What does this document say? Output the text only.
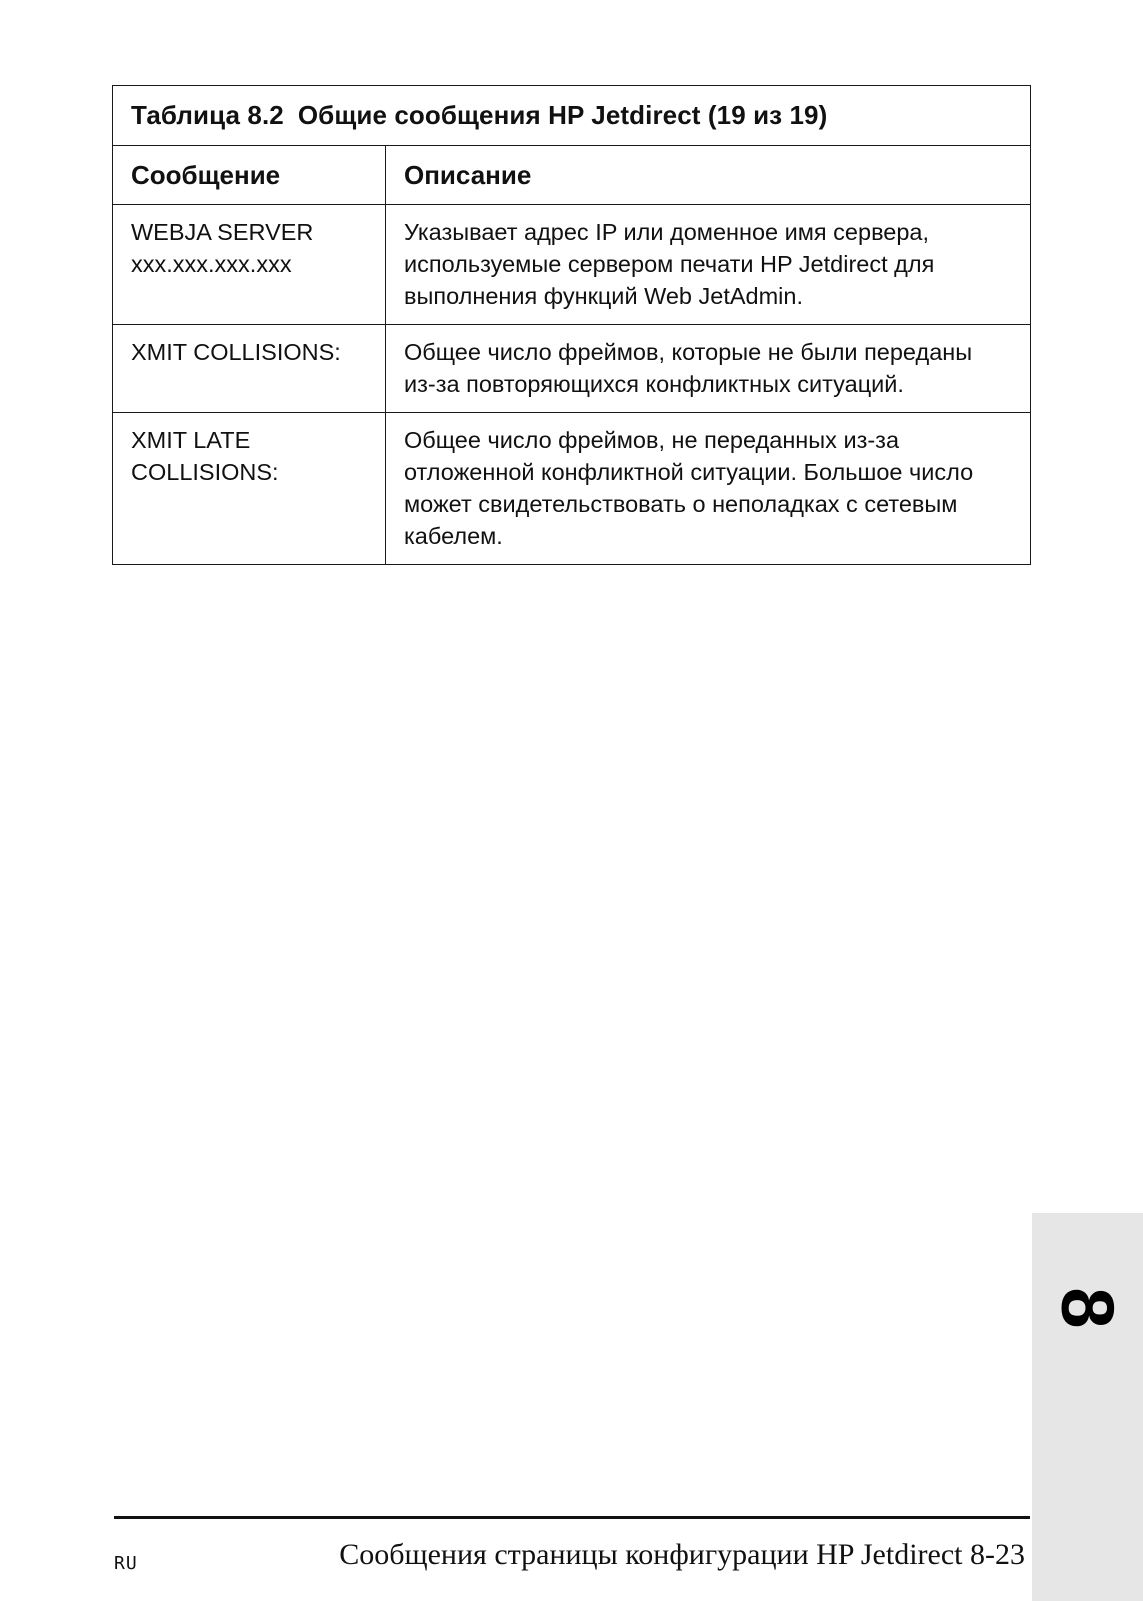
Таблица 8.2 Общие сообщения HP Jetdirect (19 из 19)	
Сообщение	Описание

WEBJA SERVER
xxx.xxx.xxx.xxx	Указывает адрес IP или доменное имя сервера,
используемые сервером печати HP Jetdirect для
выполнения функций Web JetAdmin.

XMIT COLLISIONS:	Общее число фреймов, которые не были переданы
из-за повторяющихся конфликтных ситуаций.

XMIT LATE
COLLISIONS:	Общее число фреймов, не переданных из-за
отложенной конфликтной ситуации. Большое число
может свидетельствовать о неполадках с сетевым
кабелем.
8
RU	Сообщения страницы конфигурации HP Jetdirect 8-23
